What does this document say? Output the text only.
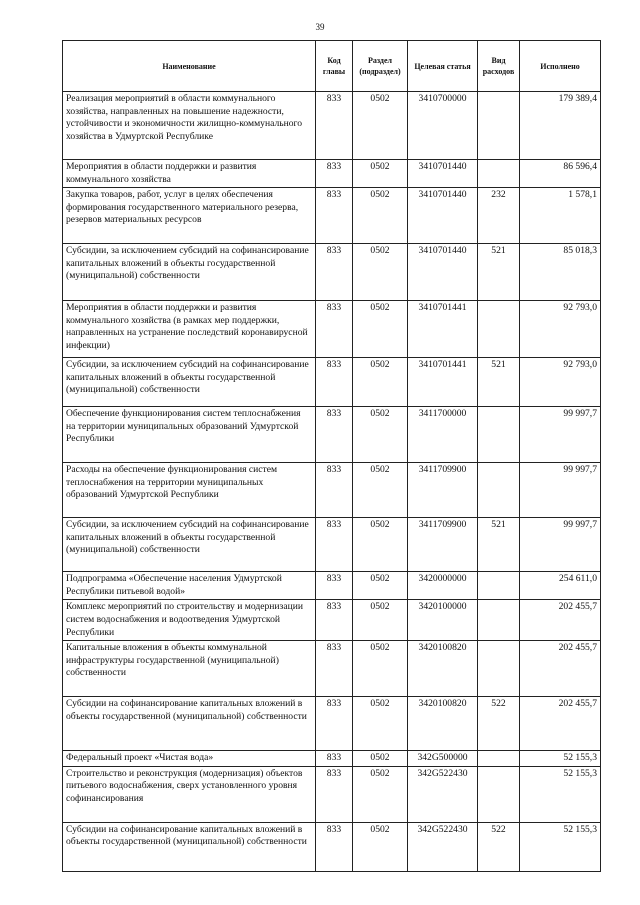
39
Наименование	Код главы	Раздел (подраздел)	Целевая статья	Вид расходов	Исполнено
Реализация мероприятий в области коммунального хозяйства, направленных на повышение надежности, устойчивости и экономичности жилищно-коммунального хозяйства в Удмуртской Республике	833	0502	3410700000		179 389,4
Мероприятия в области поддержки и развития коммунального хозяйства	833	0502	3410701440		86 596,4
Закупка товаров, работ, услуг в целях обеспечения формирования государственного материального резерва, резервов материальных ресурсов	833	0502	3410701440	232	1 578,1
Субсидии, за исключением субсидий на софинансирование капитальных вложений в объекты государственной (муниципальной) собственности	833	0502	3410701440	521	85 018,3
Мероприятия в области поддержки и развития коммунального хозяйства (в рамках мер поддержки, направленных на устранение последствий коронавирусной инфекции)	833	0502	3410701441		92 793,0
Субсидии, за исключением субсидий на софинансирование капитальных вложений в объекты государственной (муниципальной) собственности	833	0502	3410701441	521	92 793,0
Обеспечение функционирования систем теплоснабжения на территории муниципальных образований Удмуртской Республики	833	0502	3411700000		99 997,7
Расходы на обеспечение функционирования систем теплоснабжения на территории муниципальных образований Удмуртской Республики	833	0502	3411709900		99 997,7
Субсидии, за исключением субсидий на софинансирование капитальных вложений в объекты государственной (муниципальной) собственности	833	0502	3411709900	521	99 997,7
Подпрограмма «Обеспечение населения Удмуртской Республики питьевой водой»	833	0502	3420000000		254 611,0
Комплекс мероприятий по строительству и модернизации систем водоснабжения и водоотведения Удмуртской Республики	833	0502	3420100000		202 455,7
Капитальные вложения в объекты коммунальной инфраструктуры государственной (муниципальной) собственности	833	0502	3420100820		202 455,7
Субсидии на софинансирование капитальных вложений в объекты государственной (муниципальной) собственности	833	0502	3420100820	522	202 455,7
Федеральный проект «Чистая вода»	833	0502	342G500000		52 155,3
Строительство и реконструкция (модернизация) объектов питьевого водоснабжения, сверх установленного уровня софинансирования	833	0502	342G522430		52 155,3
Субсидии на софинансирование капитальных вложений в объекты государственной (муниципальной) собственности	833	0502	342G522430	522	52 155,3
